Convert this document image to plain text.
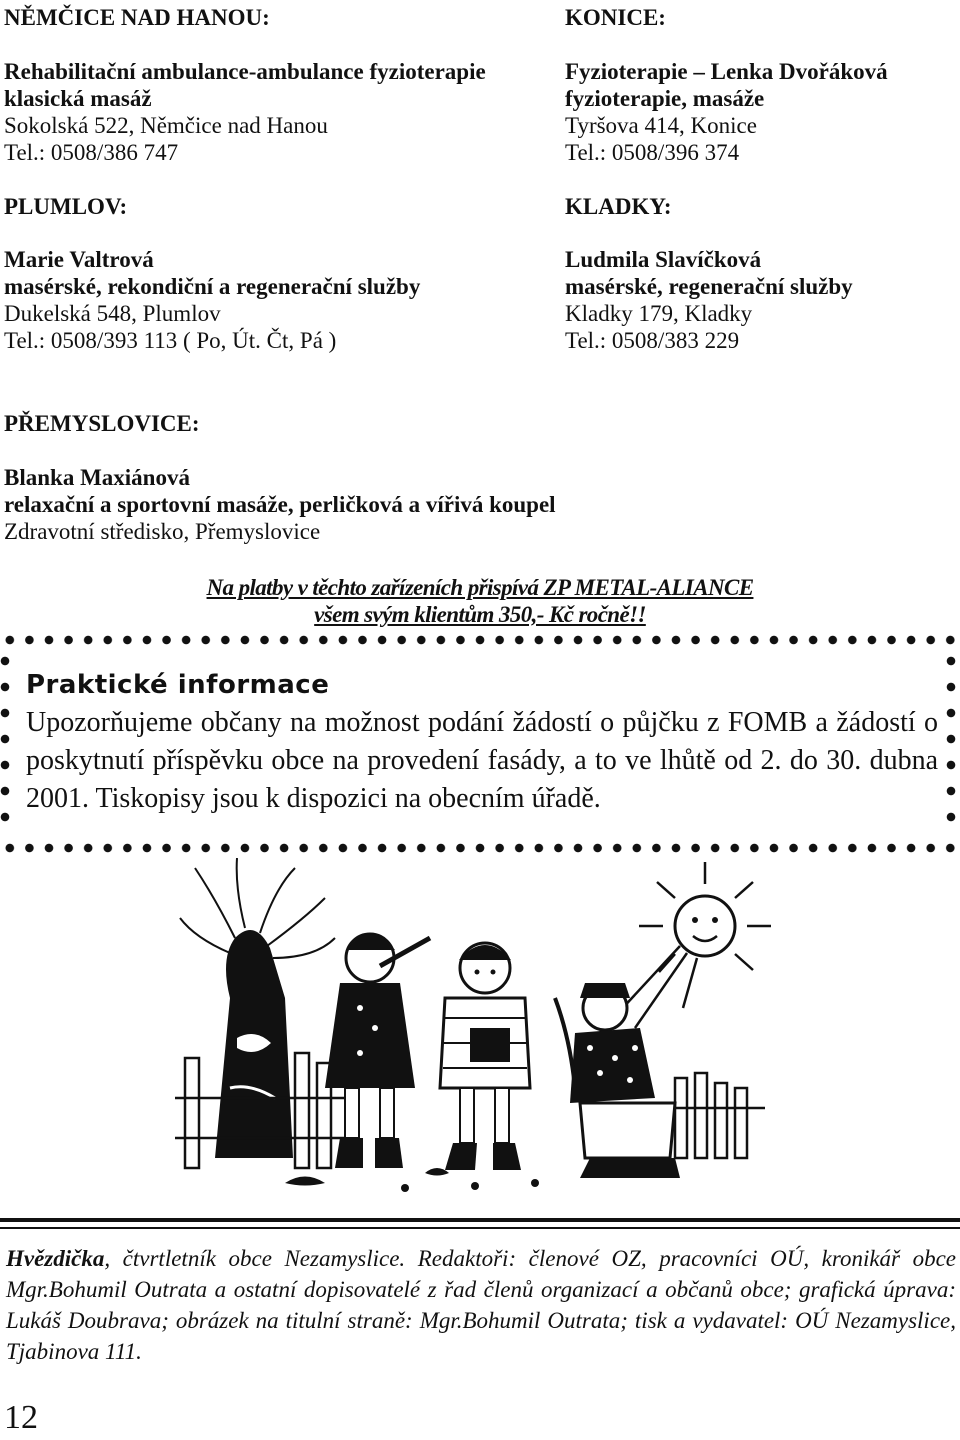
NĚMČICE NAD HANOU:
Rehabilitační ambulance-ambulance fyzioterapie
klasická masáž
Sokolská 522, Němčice nad Hanou
Tel.: 0508/386 747
PLUMLOV:
Marie Valtrová
masérské, rekondiční a regenerační služby
Dukelská 548, Plumlov
Tel.: 0508/393 113 ( Po, Út. Čt, Pá )
KONICE:
Fyzioterapie – Lenka Dvořáková
fyzioterapie, masáže
Tyršova 414, Konice
Tel.: 0508/396 374
KLADKY:
Ludmila Slavíčková
masérské, regenerační služby
Kladky 179, Kladky
Tel.: 0508/383 229
PŘEMYSLOVICE:
Blanka Maxiánová
relaxační a sportovní masáže, perličková a vířivá koupel
Zdravotní středisko, Přemyslovice
Na platby v těchto zařízeních přispívá ZP METAL-ALIANCE
všem svým klientům 350,- Kč ročně!!
Praktické informace
Upozorňujeme občany na možnost podání žádostí o půjčku z FOMB a žádostí o poskytnutí příspěvku obce na provedení fasády, a to ve lhůtě od 2. do 30. dubna 2001. Tiskopisy jsou k dispozici na obecním úřadě.
Hvězdička, čtvrtletník obce Nezamyslice. Redaktoři: členové OZ, pracovníci OÚ, kronikář obce Mgr.Bohumil Outrata a ostatní dopisovatelé z řad členů organizací a občanů obce; grafická úprava: Lukáš Doubrava; obrázek na titulní straně: Mgr.Bohumil Outrata; tisk a vydavatel: OÚ Nezamyslice, Tjabinova 111.
12
